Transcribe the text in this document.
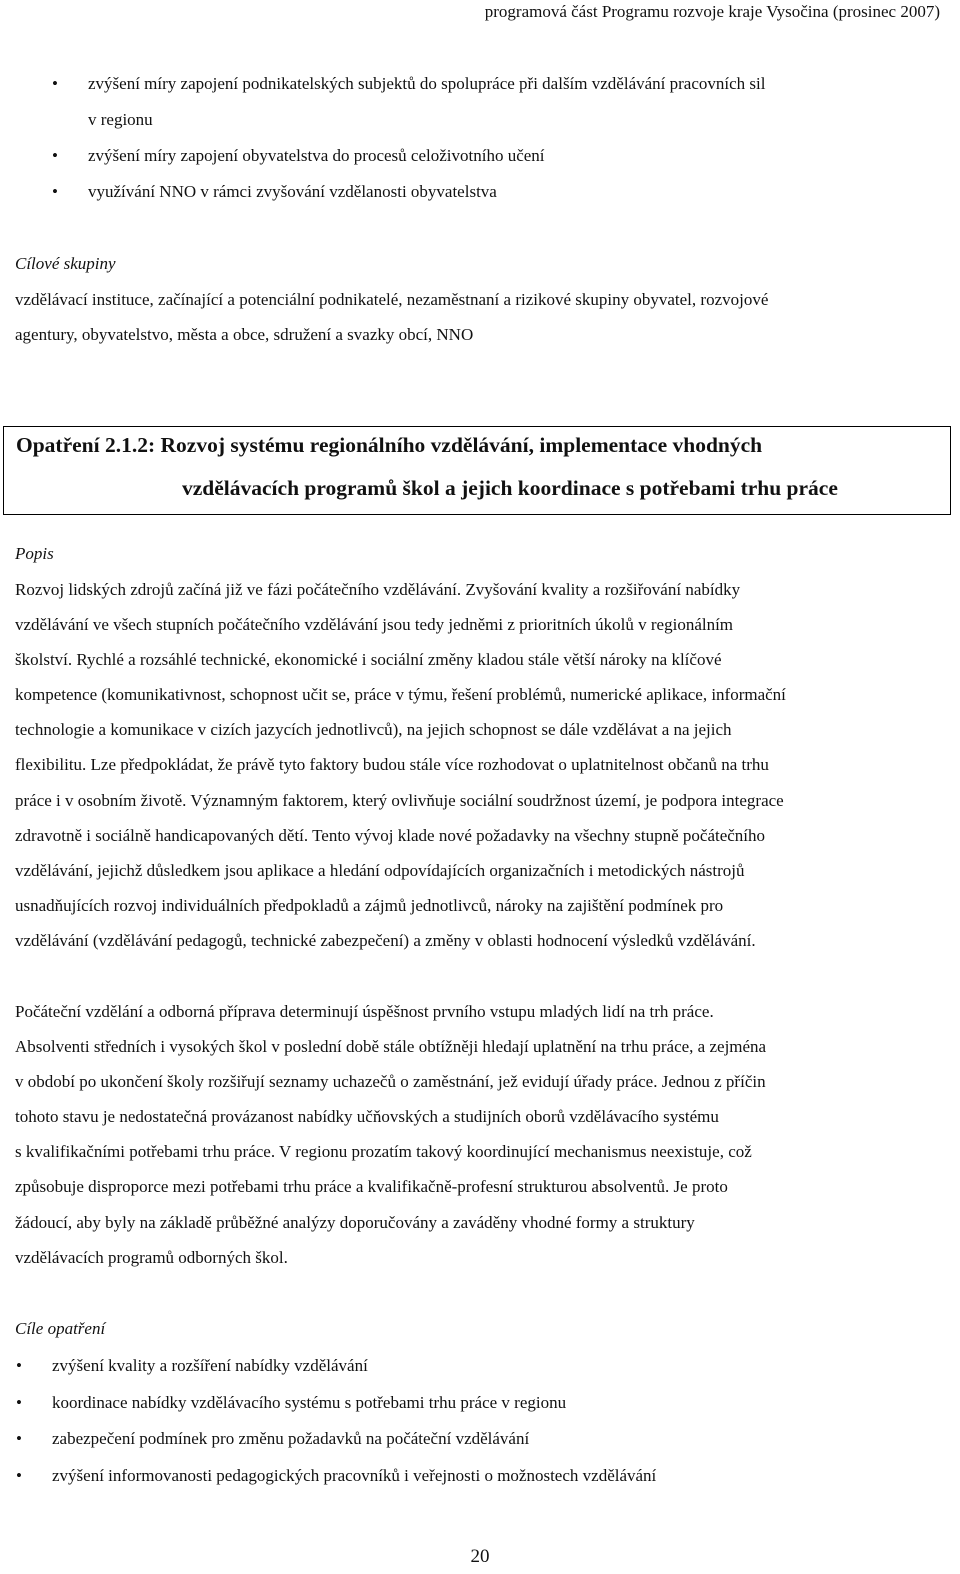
programová část Programu rozvoje kraje Vysočina (prosinec 2007)
• zvýšení míry zapojení podnikatelských subjektů do spolupráce při dalším vzdělávání pracovních sil
v regionu
• zvýšení míry zapojení obyvatelstva do procesů celoživotního učení
• využívání NNO v rámci zvyšování vzdělanosti obyvatelstva
Cílové skupiny

vzdělávací instituce, začínající a potenciální podnikatelé, nezaměstnaní a rizikové skupiny obyvatel, rozvojové

agentury, obyvatelstvo, města a obce, sdružení a svazky obcí, NNO

Opatření 2.1.2: Rozvoj systému regionálního vzdělávání, implementace vhodných
vzdělávacích programů škol a jejich koordinace s potřebami trhu práce
Popis

Rozvoj lidských zdrojů začíná již ve fázi počátečního vzdělávání. Zvyšování kvality a rozšiřování nabídky

vzdělávání ve všech stupních počátečního vzdělávání jsou tedy jedněmi z prioritních úkolů v regionálním

školství. Rychlé a rozsáhlé technické, ekonomické i sociální změny kladou stále větší nároky na klíčové

kompetence (komunikativnost, schopnost učit se, práce v týmu, řešení problémů, numerické aplikace, informační

technologie a komunikace v cizích jazycích jednotlivců), na jejich schopnost se dále vzdělávat a na jejich

flexibilitu. Lze předpokládat, že právě tyto faktory budou stále více rozhodovat o uplatnitelnost občanů na trhu

práce i v osobním životě. Významným faktorem, který ovlivňuje sociální soudržnost území, je podpora integrace

zdravotně i sociálně handicapovaných dětí. Tento vývoj klade nové požadavky na všechny stupně počátečního

vzdělávání, jejichž důsledkem jsou aplikace a hledání odpovídajících organizačních i metodických nástrojů

usnadňujících rozvoj individuálních předpokladů a zájmů jednotlivců, nároky na zajištění podmínek pro

vzdělávání (vzdělávání pedagogů, technické zabezpečení) a změny v oblasti hodnocení výsledků vzdělávání.

Počáteční vzdělání a odborná příprava determinují úspěšnost prvního vstupu mladých lidí na trh práce.

Absolventi středních i vysokých škol v poslední době stále obtížněji hledají uplatnění na trhu práce, a zejména

v období po ukončení školy rozšiřují seznamy uchazečů o zaměstnání, jež evidují úřady práce. Jednou z příčin

tohoto stavu je nedostatečná provázanost nabídky učňovských a studijních oborů vzdělávacího systému

s kvalifikačními potřebami trhu práce. V regionu prozatím takový koordinující mechanismus neexistuje, což

způsobuje disproporce mezi potřebami trhu práce a kvalifikačně-profesní strukturou absolventů. Je proto

žádoucí, aby byly na základě průběžné analýzy doporučovány a zaváděny vhodné formy a struktury

vzdělávacích programů odborných škol.

Cíle opatření
• zvýšení kvality a rozšíření nabídky vzdělávání
• koordinace nabídky vzdělávacího systému s potřebami trhu práce v regionu
• zabezpečení podmínek pro změnu požadavků na počáteční vzdělávání
• zvýšení informovanosti pedagogických pracovníků i veřejnosti o možnostech vzdělávání
20
